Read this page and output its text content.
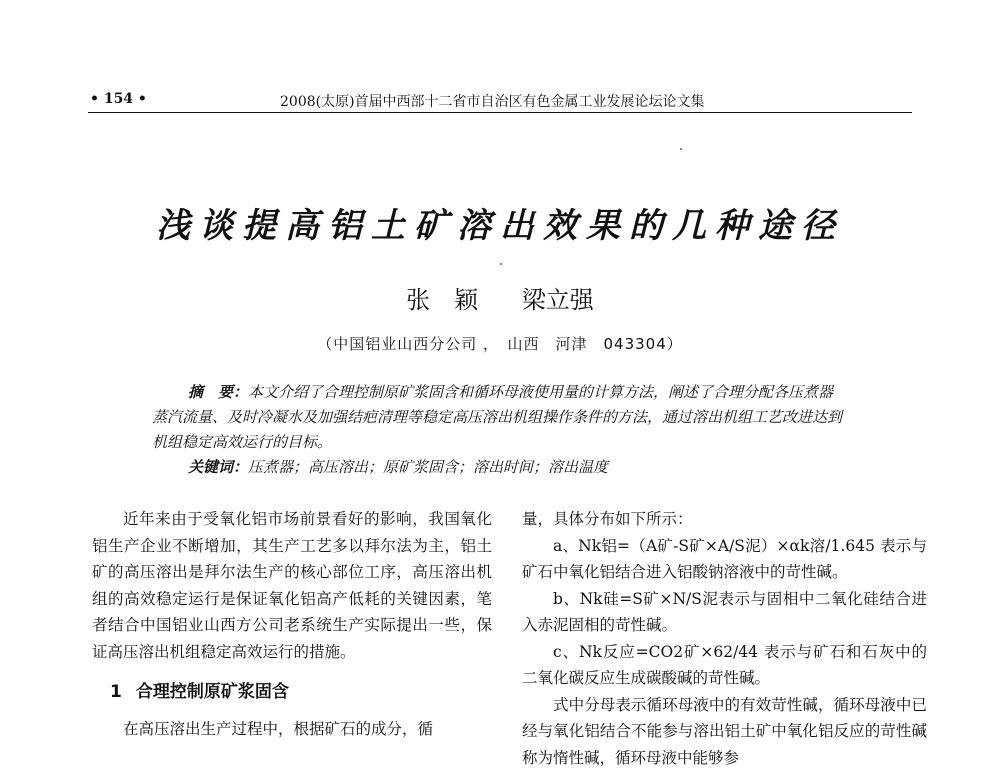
• 154 •	2008(太原)首届中西部十二省市自治区有色金属工业发展论坛论文集
浅谈提高铝土矿溶出效果的几种途径
张　颖 梁立强
（中国铝业山西分公司 ，　山西　河津　043304）

摘　要：本文介绍了合理控制原矿浆固含和循环母液使用量的计算方法，阐述了合理分配各压煮器蒸汽流量、及时冷凝水及加强结疤清理等稳定高压溶出机组操作条件的方法，通过溶出机组工艺改进达到机组稳定高效运行的目标。

关键词：压煮器；高压溶出；原矿浆固含；溶出时间；溶出温度

近年来由于受氧化铝市场前景看好的影响，我国氧化铝生产企业不断增加，其生产工艺多以拜尔法为主，铝土矿的高压溶出是拜尔法生产的核心部位工序，高压溶出机组的高效稳定运行是保证氧化铝高产低耗的关键因素，笔者结合中国铝业山西方公司老系统生产实际提出一些，保证高压溶出机组稳定高效运行的措施。

1 合理控制原矿浆固含

在高压溶出生产过程中，根据矿石的成分，循

量，具体分布如下所示：

a、Nk铝=（A矿-S矿×A/S泥）×αk溶/1.645 表示与矿石中氧化铝结合进入铝酸钠溶液中的苛性碱。

b、Nk硅=S矿×N/S泥表示与固相中二氧化硅结合进入赤泥固相的苛性碱。

c、Nk反应=CO2矿×62/44 表示与矿石和石灰中的二氧化碳反应生成碳酸碱的苛性碱。

式中分母表示循环母液中的有效苛性碱，循环母液中已经与氧化铝结合不能参与溶出铝土矿中氧化铝反应的苛性碱称为惰性碱，循环母液中能够参
